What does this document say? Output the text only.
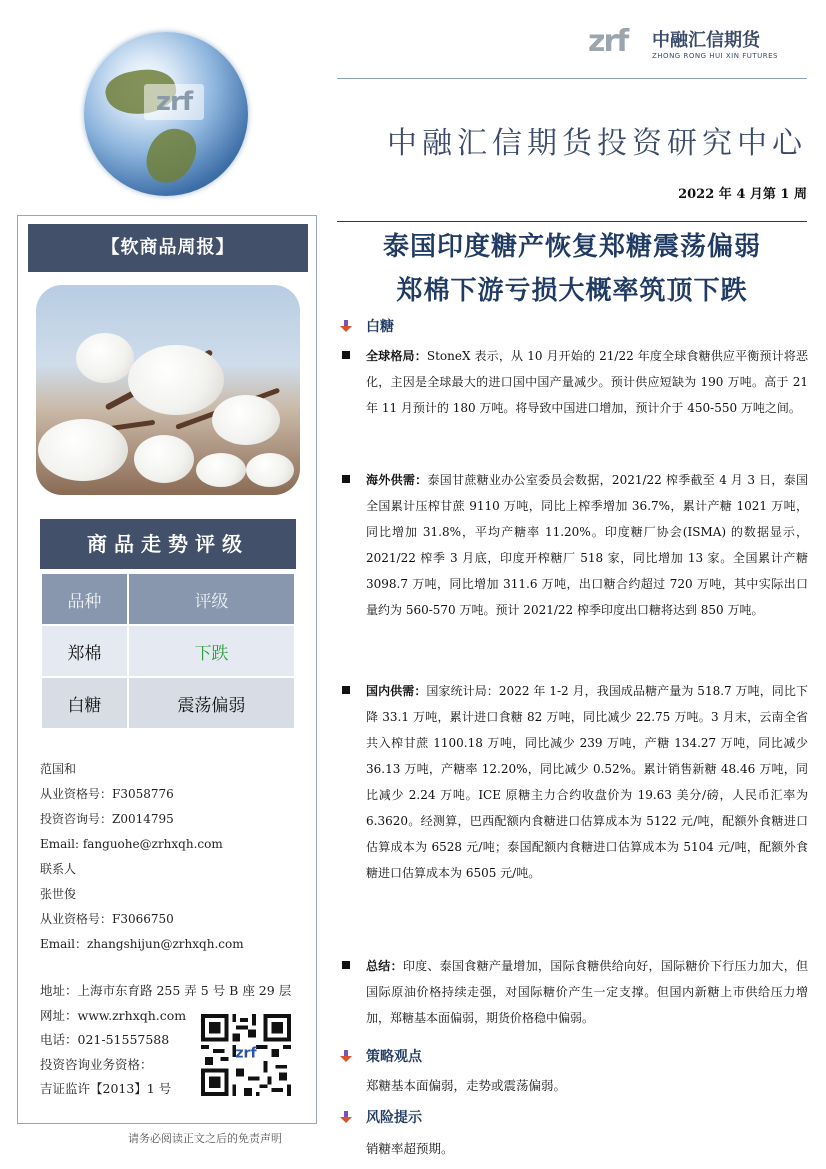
zrf
zrf 中融汇信期货
ZHONG RONG HUI XIN FUTURES
中融汇信期货投资研究中心
2022 年 4 月第 1 周
【软商品周报】
商品走势评级
品种	评级
郑棉	下跌
白糖	震荡偏弱
范国和
从业资格号：F3058776
投资咨询号：Z0014795
Email: fanguohe@zrhxqh.com
联系人
张世俊
从业资格号：F3066750
Email：zhangshijun@zrhxqh.com
地址：上海市东育路 255 弄 5 号 B 座 29 层
网址：www.zrhxqh.com
电话：021-51557588
投资咨询业务资格：
吉证监许【2013】1 号
zrf
请务必阅读正文之后的免责声明
泰国印度糖产恢复郑糖震荡偏弱
郑棉下游亏损大概率筑顶下跌
白糖
全球格局：StoneX 表示，从 10 月开始的 21/22 年度全球食糖供应平衡预计将恶化，主因是全球最大的进口国中国产量减少。预计供应短缺为 190 万吨。高于 21 年 11 月预计的 180 万吨。将导致中国进口增加，预计介于 450-550 万吨之间。
海外供需：泰国甘蔗糖业办公室委员会数据，2021/22 榨季截至 4 月 3 日，泰国全国累计压榨甘蔗 9110 万吨，同比上榨季增加 36.7%，累计产糖 1021 万吨，同比增加 31.8%，平均产糖率 11.20%。印度糖厂协会(ISMA) 的数据显示，2021/22 榨季 3 月底，印度开榨糖厂 518 家，同比增加 13 家。全国累计产糖 3098.7 万吨，同比增加 311.6 万吨，出口糖合约超过 720 万吨，其中实际出口量约为 560-570 万吨。预计 2021/22 榨季印度出口糖将达到 850 万吨。
国内供需：国家统计局：2022 年 1-2 月，我国成品糖产量为 518.7 万吨，同比下降 33.1 万吨，累计进口食糖 82 万吨，同比减少 22.75 万吨。3 月末，云南全省共入榨甘蔗 1100.18 万吨，同比减少 239 万吨，产糖 134.27 万吨，同比减少 36.13 万吨，产糖率 12.20%，同比减少 0.52%。累计销售新糖 48.46 万吨，同比减少 2.24 万吨。ICE 原糖主力合约收盘价为 19.63 美分/磅，人民币汇率为 6.3620。经测算，巴西配额内食糖进口估算成本为 5122 元/吨，配额外食糖进口估算成本为 6528 元/吨；泰国配额内食糖进口估算成本为 5104 元/吨，配额外食糖进口估算成本为 6505 元/吨。
总结：印度、泰国食糖产量增加，国际食糖供给向好，国际糖价下行压力加大，但国际原油价格持续走强，对国际糖价产生一定支撑。但国内新糖上市供给压力增加，郑糖基本面偏弱，期货价格稳中偏弱。
策略观点
郑糖基本面偏弱，走势或震荡偏弱。
风险提示
销糖率超预期。
